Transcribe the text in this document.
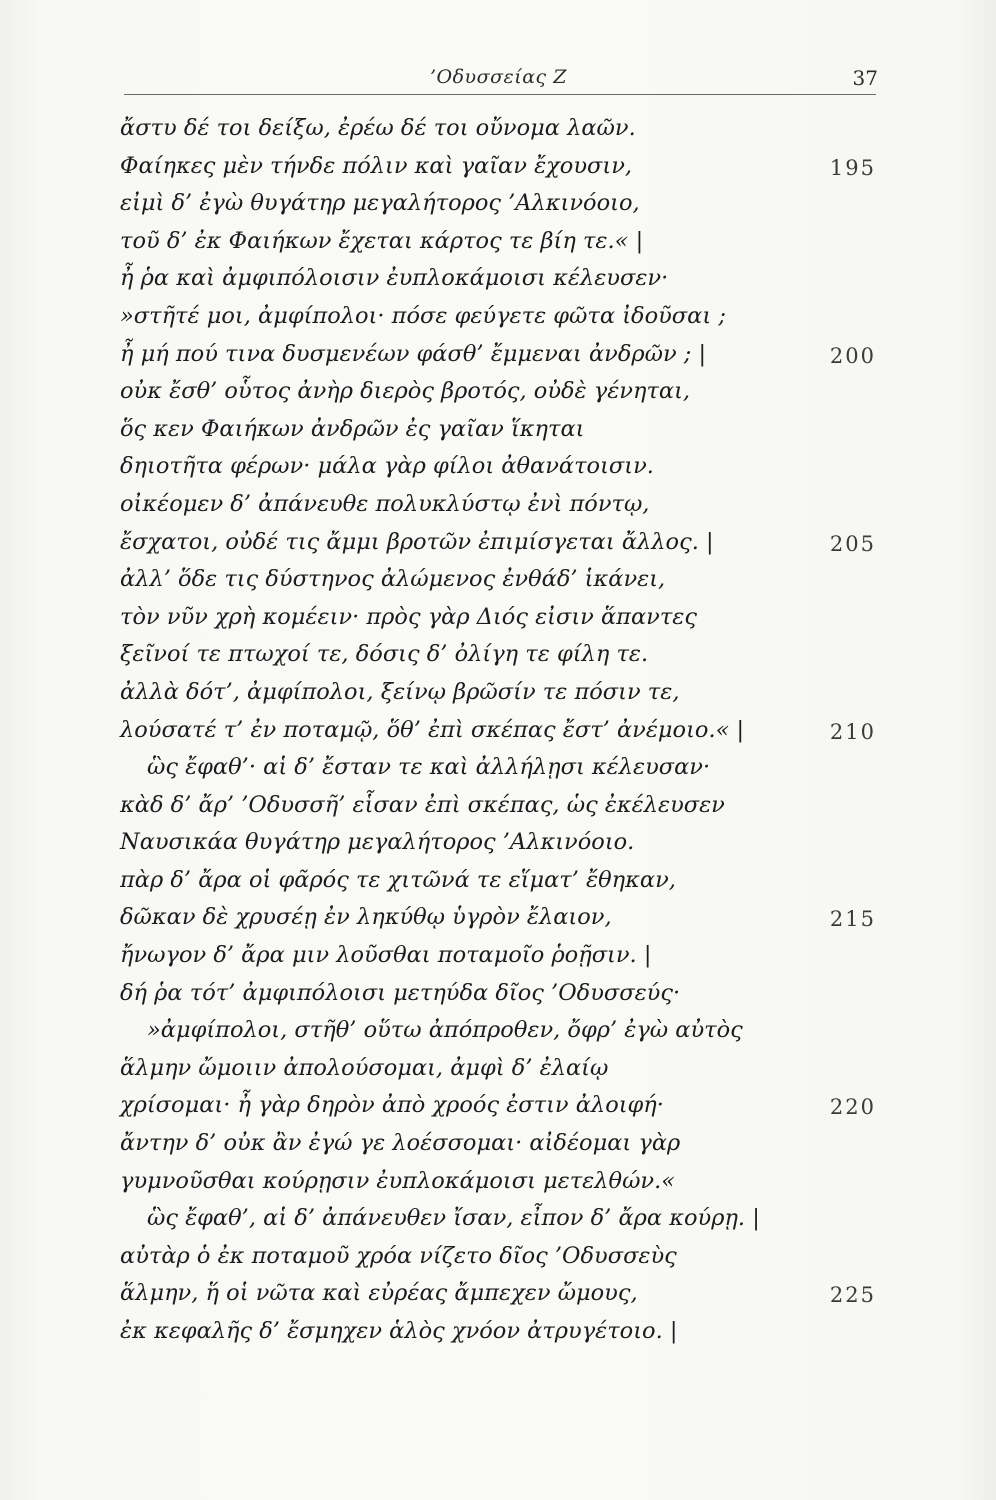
’Οδυσσείας Ζ	37
ἄστυ δέ τοι δείξω, ἐρέω δέ τοι οὔνομα λαῶν.
Φαίηκες μὲν τήνδε πόλιν καὶ γαῖαν ἔχουσιν,	195
εἰμὶ δ’ ἐγὼ θυγάτηρ μεγαλήτορος ’Αλκινόοιο,
τοῦ δ’ ἐκ Φαιήκων ἔχεται κάρτος τε βίη τε.« |
ἦ ῥα καὶ ἀμφιπόλοισιν ἐυπλοκάμοισι κέλευσεν·
»στῆτέ μοι, ἀμφίπολοι· πόσε φεύγετε φῶτα ἰδοῦσαι ;
ἦ μή πού τινα δυσμενέων φάσθ’ ἔμμεναι ἀνδρῶν ; |	200
οὐκ ἔσθ’ οὗτος ἀνὴρ διερὸς βροτός, οὐδὲ γένηται,
ὅς κεν Φαιήκων ἀνδρῶν ἐς γαῖαν ἵκηται
δηιοτῆτα φέρων· μάλα γὰρ φίλοι ἀθανάτοισιν.
οἰκέομεν δ’ ἀπάνευθε πολυκλύστῳ ἐνὶ πόντῳ,
ἔσχατοι, οὐδέ τις ἄμμι βροτῶν ἐπιμίσγεται ἄλλος. |	205
ἀλλ’ ὅδε τις δύστηνος ἀλώμενος ἐνθάδ’ ἱκάνει,
τὸν νῦν χρὴ κομέειν· πρὸς γὰρ Διός εἰσιν ἅπαντες
ξεῖνοί τε πτωχοί τε, δόσις δ’ ὀλίγη τε φίλη τε.
ἀλλὰ δότ’, ἀμφίπολοι, ξείνῳ βρῶσίν τε πόσιν τε,
λούσατέ τ’ ἐν ποταμῷ, ὅθ’ ἐπὶ σκέπας ἔστ’ ἀνέμοιο.« |	210
ὣς ἔφαθ’· αἱ δ’ ἔσταν τε καὶ ἀλλήλῃσι κέλευσαν·
κὰδ δ’ ἄρ’ ’Οδυσσῆ’ εἷσαν ἐπὶ σκέπας, ὡς ἐκέλευσεν
Ναυσικάα θυγάτηρ μεγαλήτορος ’Αλκινόοιο.
πὰρ δ’ ἄρα οἱ φᾶρός τε χιτῶνά τε εἵματ’ ἔθηκαν,
δῶκαν δὲ χρυσέῃ ἐν ληκύθῳ ὑγρὸν ἔλαιον,	215
ἤνωγον δ’ ἄρα μιν λοῦσθαι ποταμοῖο ῥοῇσιν. |
δή ῥα τότ’ ἀμφιπόλοισι μετηύδα δῖος ’Οδυσσεύς·
»ἀμφίπολοι, στῆθ’ οὕτω ἀπόπροθεν, ὄφρ’ ἐγὼ αὐτὸς
ἅλμην ὤμοιιν ἀπολούσομαι, ἀμφὶ δ’ ἐλαίῳ
χρίσομαι· ἦ γὰρ δηρὸν ἀπὸ χροός ἐστιν ἀλοιφή·	220
ἄντην δ’ οὐκ ἂν ἐγώ γε λοέσσομαι· αἰδέομαι γὰρ
γυμνοῦσθαι κούρῃσιν ἐυπλοκάμοισι μετελθών.«
ὣς ἔφαθ’, αἱ δ’ ἀπάνευθεν ἴσαν, εἶπον δ’ ἄρα κούρῃ. |
αὐτὰρ ὁ ἐκ ποταμοῦ χρόα νίζετο δῖος ’Οδυσσεὺς
ἅλμην, ἥ οἱ νῶτα καὶ εὐρέας ἄμπεχεν ὤμους,	225
ἐκ κεφαλῆς δ’ ἔσμηχεν ἁλὸς χνόον ἀτρυγέτοιο. |
